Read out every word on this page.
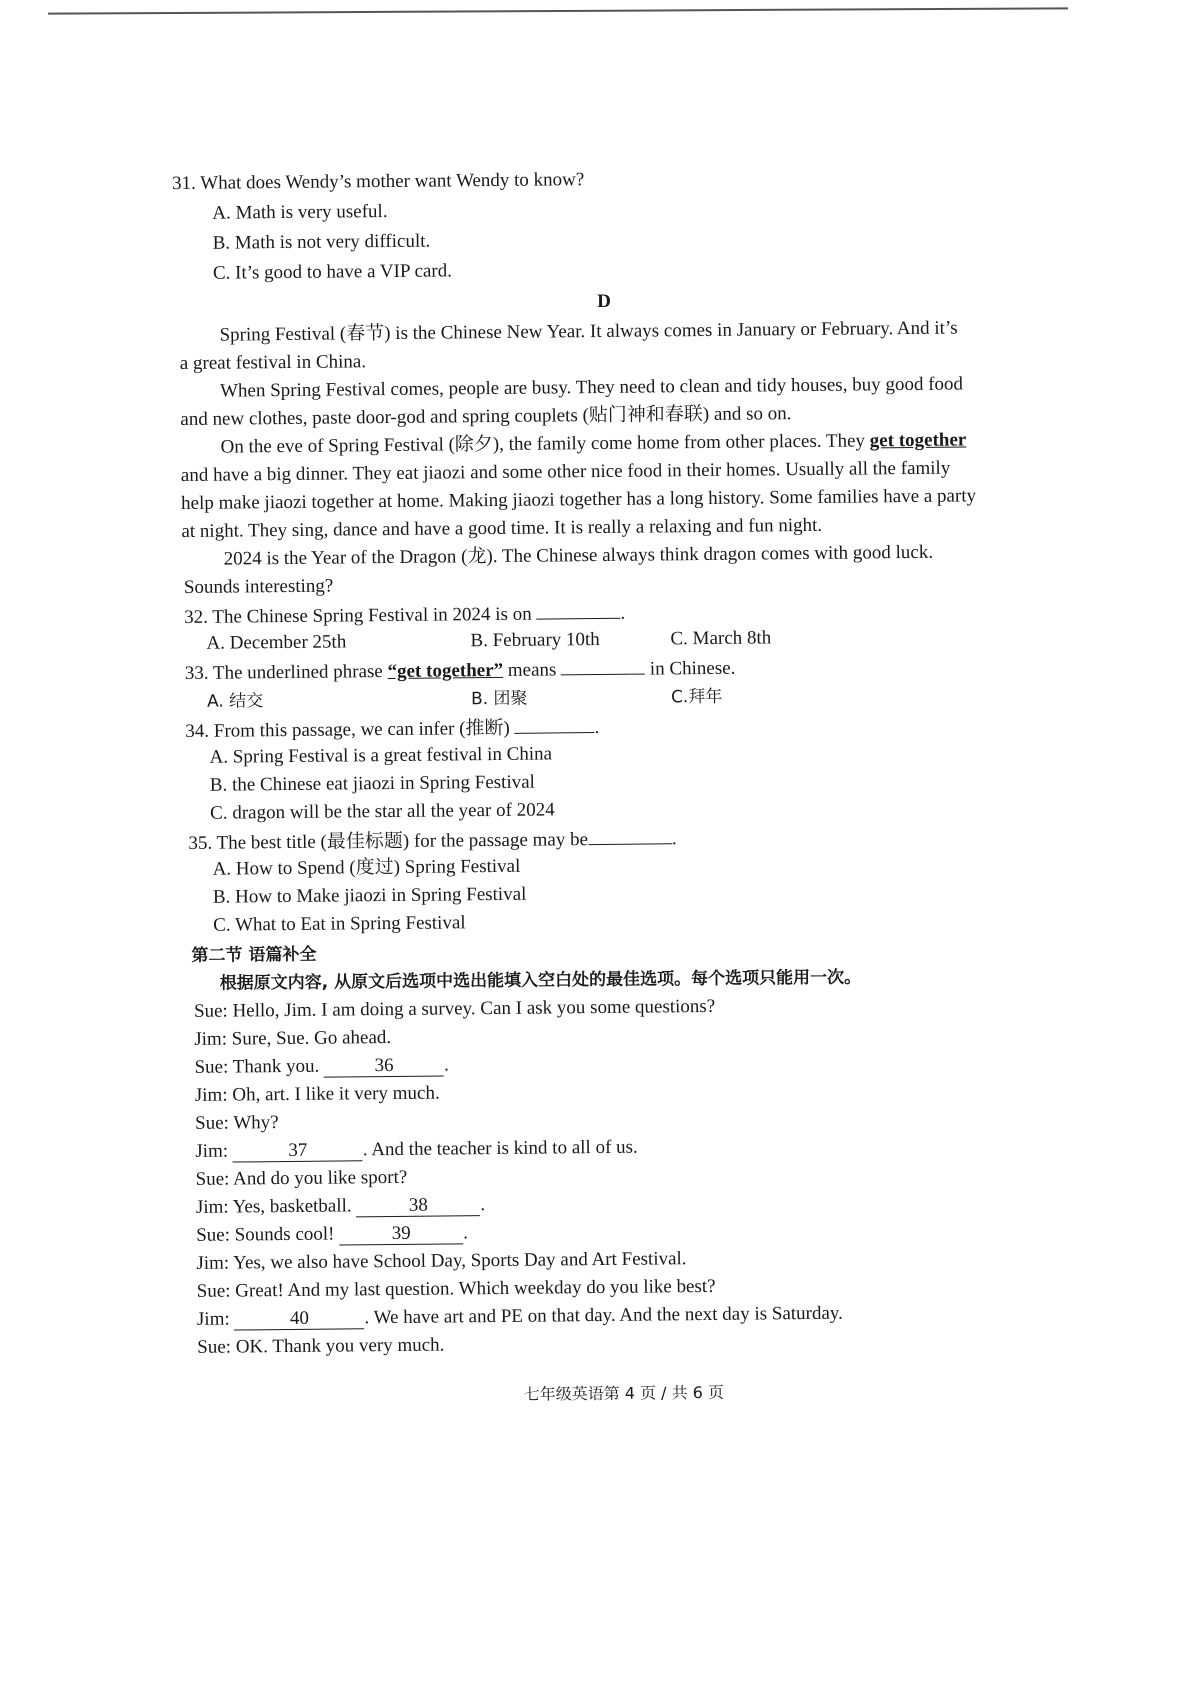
31. What does Wendy’s mother want Wendy to know?
A. Math is very useful.
B. Math is not very difficult.
C. It’s good to have a VIP card.
D
Spring Festival (春节) is the Chinese New Year. It always comes in January or February. And it’s
a great festival in China.
When Spring Festival comes, people are busy. They need to clean and tidy houses, buy good food
and new clothes, paste door-god and spring couplets (贴门神和春联) and so on.
On the eve of Spring Festival (除夕), the family come home from other places. They get together
and have a big dinner. They eat jiaozi and some other nice food in their homes. Usually all the family
help make jiaozi together at home. Making jiaozi together has a long history. Some families have a party
at night. They sing, dance and have a good time. It is really a relaxing and fun night.
2024 is the Year of the Dragon (龙). The Chinese always think dragon comes with good luck.
Sounds interesting?
32. The Chinese Spring Festival in 2024 is on	.
A. December 25th	B. February 10th	C. March 8th
33. The underlined phrase “get together” means	in Chinese.
A. 结交	B. 团聚	C.拜年
34. From this passage, we can infer (推断)	.
A. Spring Festival is a great festival in China
B. the Chinese eat jiaozi in Spring Festival
C. dragon will be the star all the year of 2024
35. The best title (最佳标题) for the passage may be	.
A. How to Spend (度过) Spring Festival
B. How to Make jiaozi in Spring Festival
C. What to Eat in Spring Festival
第二节 语篇补全
根据原文内容, 从原文后选项中选出能填入空白处的最佳选项。每个选项只能用一次。
Sue: Hello, Jim. I am doing a survey. Can I ask you some questions?
Jim: Sure, Sue. Go ahead.
Sue: Thank you.	36	.
Jim: Oh, art. I like it very much.
Sue: Why?
Jim:	37	. And the teacher is kind to all of us.
Sue: And do you like sport?
Jim: Yes, basketball.	38	.
Sue: Sounds cool!	39	.
Jim: Yes, we also have School Day, Sports Day and Art Festival.
Sue: Great! And my last question. Which weekday do you like best?
Jim:	40	. We have art and PE on that day. And the next day is Saturday.
Sue: OK. Thank you very much.
七年级英语第 4 页 / 共 6 页
